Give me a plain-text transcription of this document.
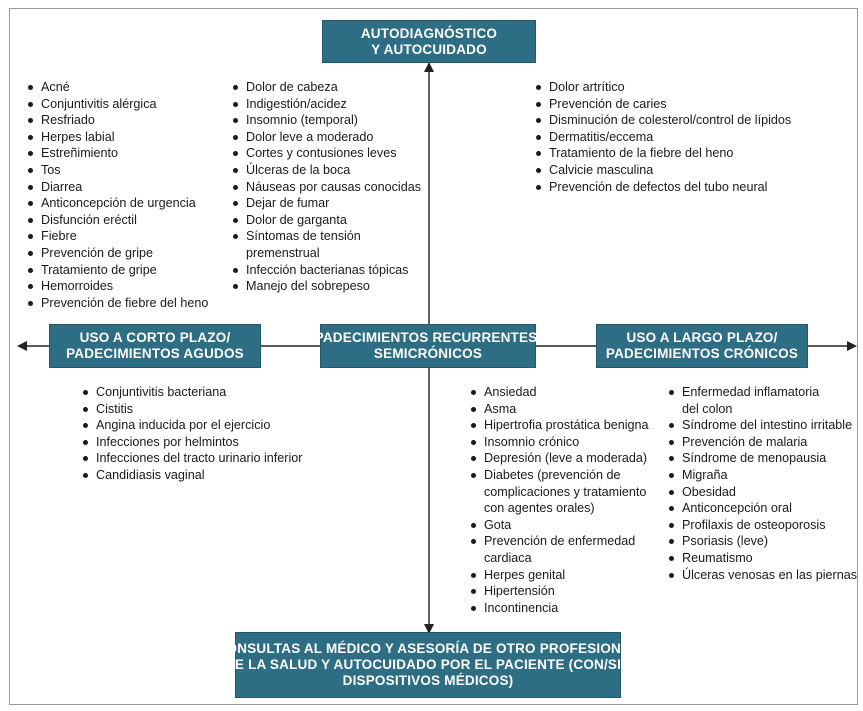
AUTODIAGNÓSTICO
Y AUTOCUIDADO
USO A CORTO PLAZO/
PADECIMIENTOS AGUDOS
PADECIMIENTOS RECURRENTES/
SEMICRÓNICOS
USO A LARGO PLAZO/
PADECIMIENTOS CRÓNICOS
CONSULTAS AL MÉDICO Y ASESORÍA DE OTRO PROFESIONAL
DE LA SALUD Y AUTOCUIDADO POR EL PACIENTE (CON/SIN
DISPOSITIVOS MÉDICOS)
Acné
Conjuntivitis alérgica
Resfriado
Herpes labial
Estreñimiento
Tos
Diarrea
Anticoncepción de urgencia
Disfunción eréctil
Fiebre
Prevención de gripe
Tratamiento de gripe
Hemorroides
Prevención de fiebre del heno
Dolor de cabeza
Indigestión/acidez
Insomnio (temporal)
Dolor leve a moderado
Cortes y contusiones leves
Úlceras de la boca
Náuseas por causas conocidas
Dejar de fumar
Dolor de garganta
Síntomas de tensión
premenstrual
Infección bacterianas tópicas
Manejo del sobrepeso
Dolor artrítico
Prevención de caries
Disminución de colesterol/control de lípidos
Dermatitis/eccema
Tratamiento de la fiebre del heno
Calvicie masculina
Prevención de defectos del tubo neural
Conjuntivitis bacteriana
Cistitis
Angina inducida por el ejercicio
Infecciones por helmintos
Infecciones del tracto urinario inferior
Candidiasis vaginal
Ansiedad
Asma
Hipertrofia prostática benigna
Insomnio crónico
Depresión (leve a moderada)
Diabetes (prevención de
complicaciones y tratamiento
con agentes orales)
Gota
Prevención de enfermedad
cardiaca
Herpes genital
Hipertensión
Incontinencia
Enfermedad inflamatoria
del colon
Síndrome del intestino irritable
Prevención de malaria
Síndrome de menopausia
Migraña
Obesidad
Anticoncepción oral
Profilaxis de osteoporosis
Psoriasis (leve)
Reumatismo
Úlceras venosas en las piernas
